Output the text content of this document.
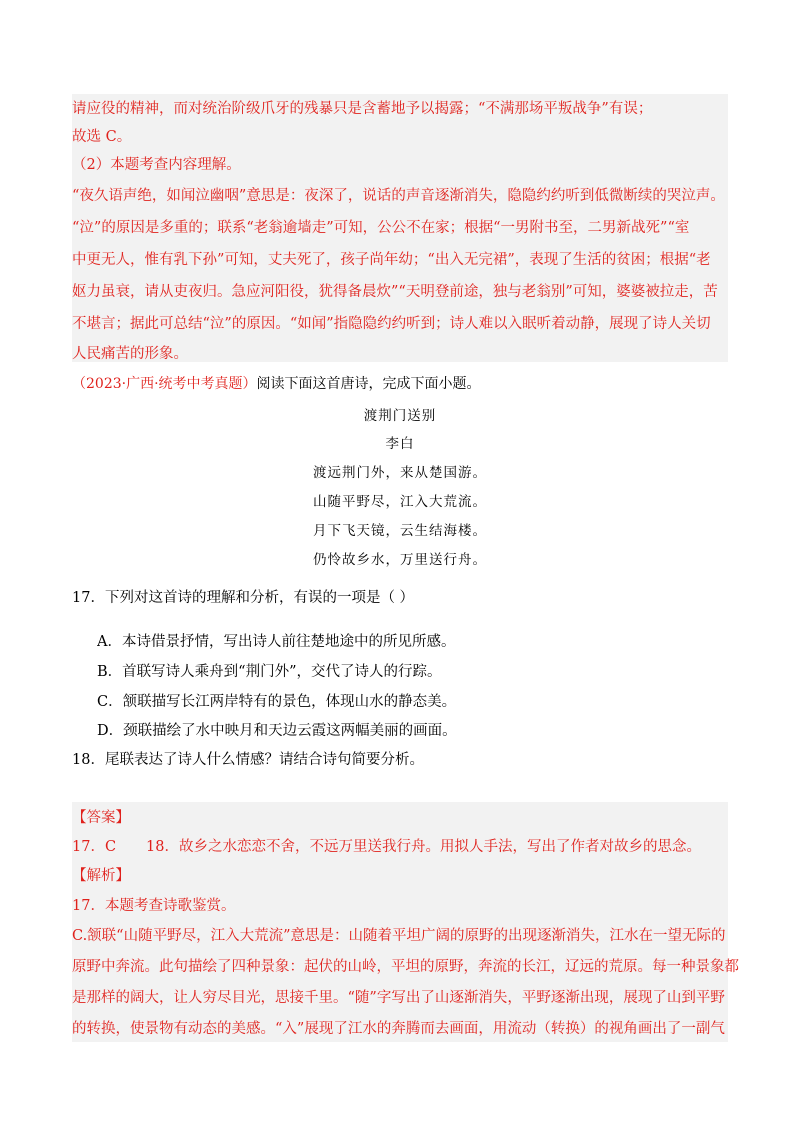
请应役的精神，而对统治阶级爪牙的残暴只是含蓄地予以揭露；“不满那场平叛战争”有误；
故选 C。
（2）本题考查内容理解。
“夜久语声绝，如闻泣幽咽”意思是：夜深了，说话的声音逐渐消失，隐隐约约听到低微断续的哭泣声。
“泣”的原因是多重的；联系“老翁逾墙走”可知，公公不在家；根据“一男附书至，二男新战死”“室
中更无人，惟有乳下孙”可知，丈夫死了，孩子尚年幼；“出入无完裙”，表现了生活的贫困；根据“老
妪力虽衰，请从吏夜归。急应河阳役，犹得备晨炊”“天明登前途，独与老翁别”可知，婆婆被拉走，苦
不堪言；据此可总结“泣”的原因。“如闻”指隐隐约约听到；诗人难以入眠听着动静，展现了诗人关切
人民痛苦的形象。
（2023·广西·统考中考真题）阅读下面这首唐诗，完成下面小题。
渡荆门送别
李白
渡远荆门外，来从楚国游。
山随平野尽，江入大荒流。
月下飞天镜，云生结海楼。
仍怜故乡水，万里送行舟。
17．下列对这首诗的理解和分析，有误的一项是（ ）
A．本诗借景抒情，写出诗人前往楚地途中的所见所感。
B．首联写诗人乘舟到“荆门外”，交代了诗人的行踪。
C．颔联描写长江两岸特有的景色，体现山水的静态美。
D．颈联描绘了水中映月和天边云霞这两幅美丽的画面。
18．尾联表达了诗人什么情感？请结合诗句简要分析。
【答案】
17．C 18．故乡之水恋恋不舍，不远万里送我行舟。用拟人手法，写出了作者对故乡的思念。
【解析】
17．本题考查诗歌鉴赏。
C.颔联“山随平野尽，江入大荒流”意思是：山随着平坦广阔的原野的出现逐渐消失，江水在一望无际的
原野中奔流。此句描绘了四种景象：起伏的山岭，平坦的原野，奔流的长江，辽远的荒原。每一种景象都
是那样的阔大，让人穷尽目光，思接千里。“随”字写出了山逐渐消失，平野逐渐出现，展现了山到平野
的转换，使景物有动态的美感。“入”展现了江水的奔腾而去画面，用流动（转换）的视角画出了一副气
